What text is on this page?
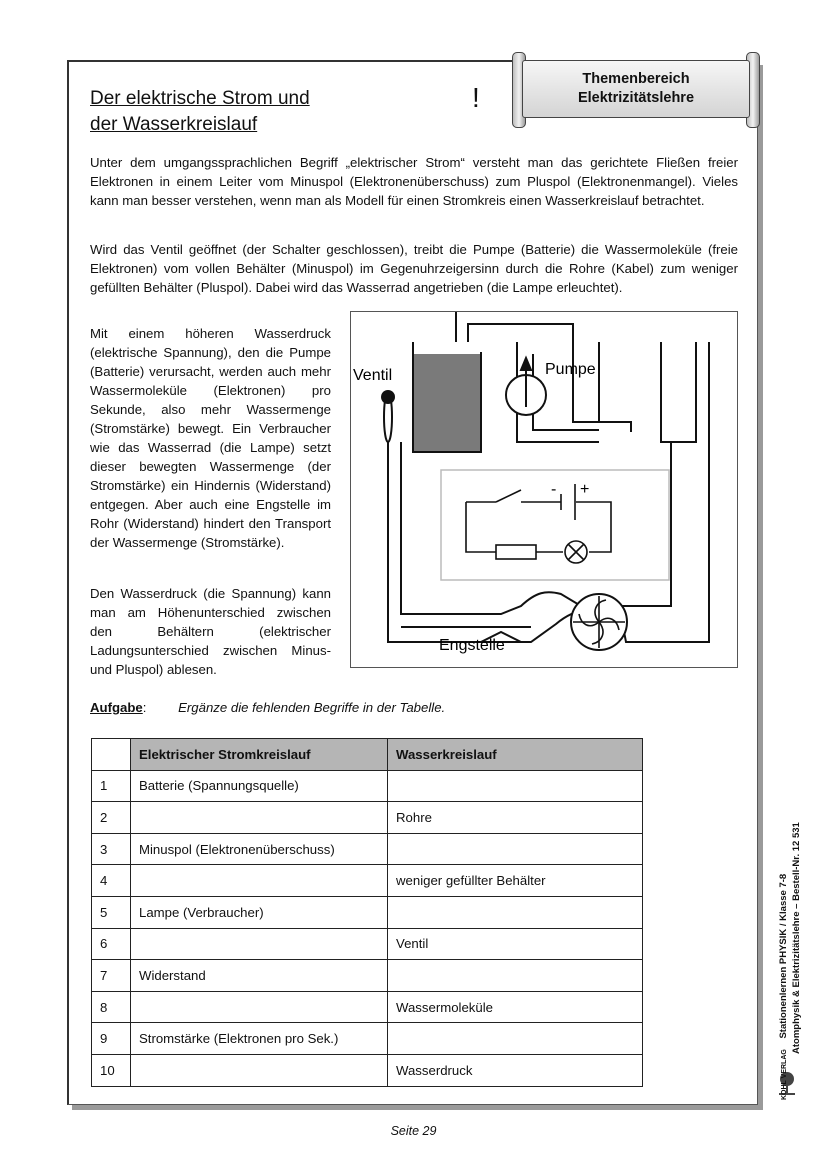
Themenbereich
Elektrizitätslehre
Der elektrische Strom und
der Wasserkreislauf
!

Unter dem umgangssprachlichen Begriff „elektrischer Strom“ versteht man das gerichtete Fließen freier Elektronen in einem Leiter vom Minuspol (Elektronenüberschuss) zum Pluspol (Elektronenmangel). Vieles kann man besser verstehen, wenn man als Modell für einen Stromkreis einen Wasserkreislauf betrachtet.

Wird das Ventil geöffnet (der Schalter geschlossen), treibt die Pumpe (Batterie) die Wassermoleküle (freie Elektronen) vom vollen Behälter (Minuspol) im Gegenuhrzeigersinn durch die Rohre (Kabel) zum weniger gefüllten Behälter (Pluspol). Dabei wird das Wasserrad angetrieben (die Lampe erleuchtet).

Mit einem höheren Wasserdruck (elektrische Spannung), den die Pumpe (Batterie) verursacht, werden auch mehr Wassermoleküle (Elektronen) pro Sekunde, also mehr Wassermenge (Stromstärke) bewegt. Ein Verbraucher wie das Wasserrad (die Lampe) setzt dieser bewegten Wassermenge (der Stromstärke) ein Hindernis (Widerstand) entgegen. Aber auch eine Engstelle im Rohr (Widerstand) hindert den Transport der Wassermenge (Stromstärke).

Den Wasserdruck (die Spannung) kann man am Höhenunterschied zwischen den Behältern (elektrischer Ladungsunterschied zwischen Minus- und Pluspol) ablesen.

- +
Ventil	Pumpe
Engstelle
Aufgabe: Ergänze die fehlenden Begriffe in der Tabelle.
	Elektrischer Stromkreislauf	Wasserkreislauf
1	Batterie (Spannungsquelle)	
2		Rohre
3	Minuspol (Elektronenüberschuss)	
4		weniger gefüllter Behälter
5	Lampe (Verbraucher)	
6		Ventil
7	Widerstand	
8		Wassermoleküle
9	Stromstärke (Elektronen pro Sek.)	
10		Wasserdruck	KOHL VERLAG Stationenlernen PHYSIK / Klasse 7-8 Atomphysik & Elektrizitätslehre – Bestell-Nr. 12 531
Seite 29
